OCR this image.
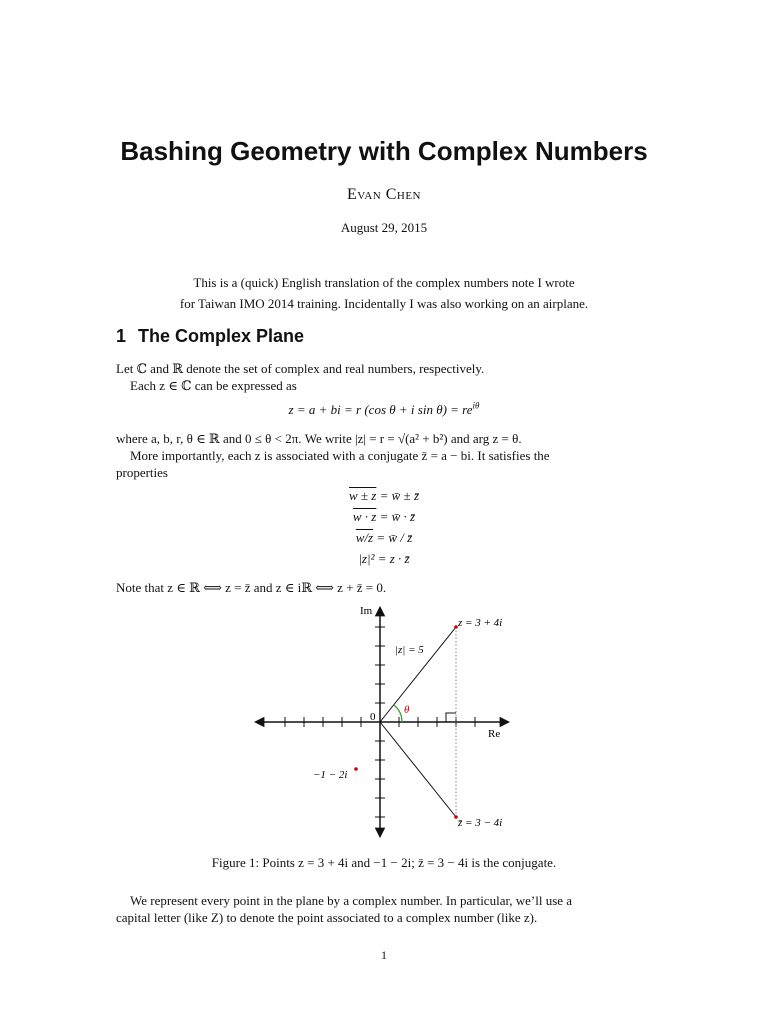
Bashing Geometry with Complex Numbers
Evan Chen
August 29, 2015
This is a (quick) English translation of the complex numbers note I wrote
for Taiwan IMO 2014 training. Incidentally I was also working on an airplane.
1 The Complex Plane
Let ℂ and ℝ denote the set of complex and real numbers, respectively.
Each z ∈ ℂ can be expressed as
z = a + bi = r (cos θ + i $\sin \theta) = re^{i\theta}$
where a, b, r, θ ∈ ℝ and 0 ≤ θ < 2π. We write |z| = r = √(a² + b²) and arg z = θ.
More importantly, each z is associated with a conjugate z̄ = a − bi. It satisfies the
properties
w ± z = w̄ ± z̄
w · z = w̄ · z̄
w/z = w̄ / z̄
|z|² = z · z̄
Note that z ∈ ℝ ⟺ z = z̄ and z ∈ iℝ ⟺ z + z̄ = 0.
Im
Re
0
θ
|z| = 5
z = 3 + 4i
z̄ = 3 − 4i
−1 − 2i
Figure 1: Points z = 3 + 4i and −1 − 2i; z̄ = 3 − 4i is the conjugate.
We represent every point in the plane by a complex number. In particular, we’ll use a
capital letter (like Z) to denote the point associated to a complex number (like z).
1
